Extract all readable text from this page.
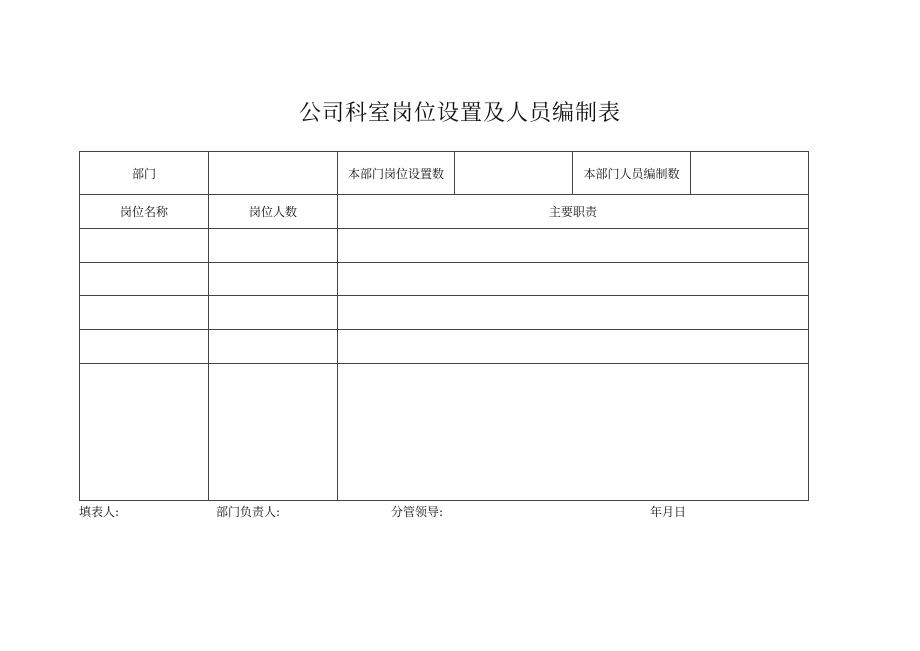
公司科室岗位设置及人员编制表
部门		本部门岗位设置数		本部门人员编制数	
岗位名称	岗位人数	主要职责			

填表人:	部门负责人:	分管领导:	年月日
